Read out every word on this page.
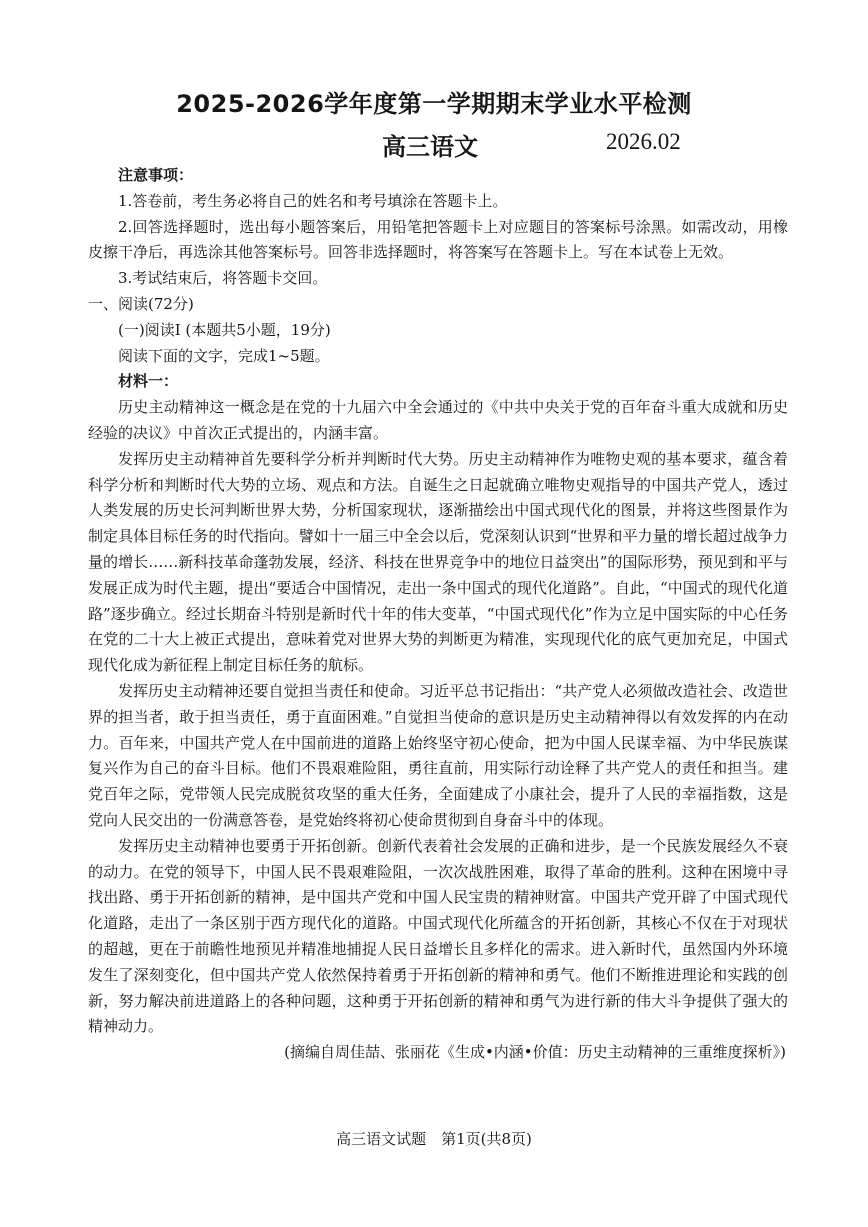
2025-2026学年度第一学期期末学业水平检测
高三语文	2026.02

注意事项：

1.答卷前，考生务必将自己的姓名和考号填涂在答题卡上。

2.回答选择题时，选出每小题答案后，用铅笔把答题卡上对应题目的答案标号涂黑。如需改动，用橡皮擦干净后，再选涂其他答案标号。回答非选择题时，将答案写在答题卡上。写在本试卷上无效。

3.考试结束后，将答题卡交回。

一、阅读(72分)

(一)阅读Ⅰ (本题共5小题，19分)

阅读下面的文字，完成1~5题。

材料一：

历史主动精神这一概念是在党的十九届六中全会通过的《中共中央关于党的百年奋斗重大成就和历史经验的决议》中首次正式提出的，内涵丰富。

发挥历史主动精神首先要科学分析并判断时代大势。历史主动精神作为唯物史观的基本要求，蕴含着科学分析和判断时代大势的立场、观点和方法。自诞生之日起就确立唯物史观指导的中国共产党人，透过人类发展的历史长河判断世界大势，分析国家现状，逐渐描绘出中国式现代化的图景，并将这些图景作为制定具体目标任务的时代指向。譬如十一届三中全会以后，党深刻认识到“世界和平力量的增长超过战争力量的增长……新科技革命蓬勃发展，经济、科技在世界竞争中的地位日益突出”的国际形势，预见到和平与发展正成为时代主题，提出“要适合中国情况，走出一条中国式的现代化道路”。自此，“中国式的现代化道路”逐步确立。经过长期奋斗特别是新时代十年的伟大变革，“中国式现代化”作为立足中国实际的中心任务在党的二十大上被正式提出，意味着党对世界大势的判断更为精准，实现现代化的底气更加充足，中国式现代化成为新征程上制定目标任务的航标。

发挥历史主动精神还要自觉担当责任和使命。习近平总书记指出：“共产党人必须做改造社会、改造世界的担当者，敢于担当责任，勇于直面困难。”自觉担当使命的意识是历史主动精神得以有效发挥的内在动力。百年来，中国共产党人在中国前进的道路上始终坚守初心使命，把为中国人民谋幸福、为中华民族谋复兴作为自己的奋斗目标。他们不畏艰难险阻，勇往直前，用实际行动诠释了共产党人的责任和担当。建党百年之际，党带领人民完成脱贫攻坚的重大任务，全面建成了小康社会，提升了人民的幸福指数，这是党向人民交出的一份满意答卷，是党始终将初心使命贯彻到自身奋斗中的体现。

发挥历史主动精神也要勇于开拓创新。创新代表着社会发展的正确和进步，是一个民族发展经久不衰的动力。在党的领导下，中国人民不畏艰难险阻，一次次战胜困难，取得了革命的胜利。这种在困境中寻找出路、勇于开拓创新的精神，是中国共产党和中国人民宝贵的精神财富。中国共产党开辟了中国式现代化道路，走出了一条区别于西方现代化的道路。中国式现代化所蕴含的开拓创新，其核心不仅在于对现状的超越，更在于前瞻性地预见并精准地捕捉人民日益增长且多样化的需求。进入新时代，虽然国内外环境发生了深刻变化，但中国共产党人依然保持着勇于开拓创新的精神和勇气。他们不断推进理论和实践的创新，努力解决前进道路上的各种问题，这种勇于开拓创新的精神和勇气为进行新的伟大斗争提供了强大的精神动力。

(摘编自周佳喆、张丽花《生成•内涵•价值：历史主动精神的三重维度探析》)

高三语文试题　第1页(共8页)
